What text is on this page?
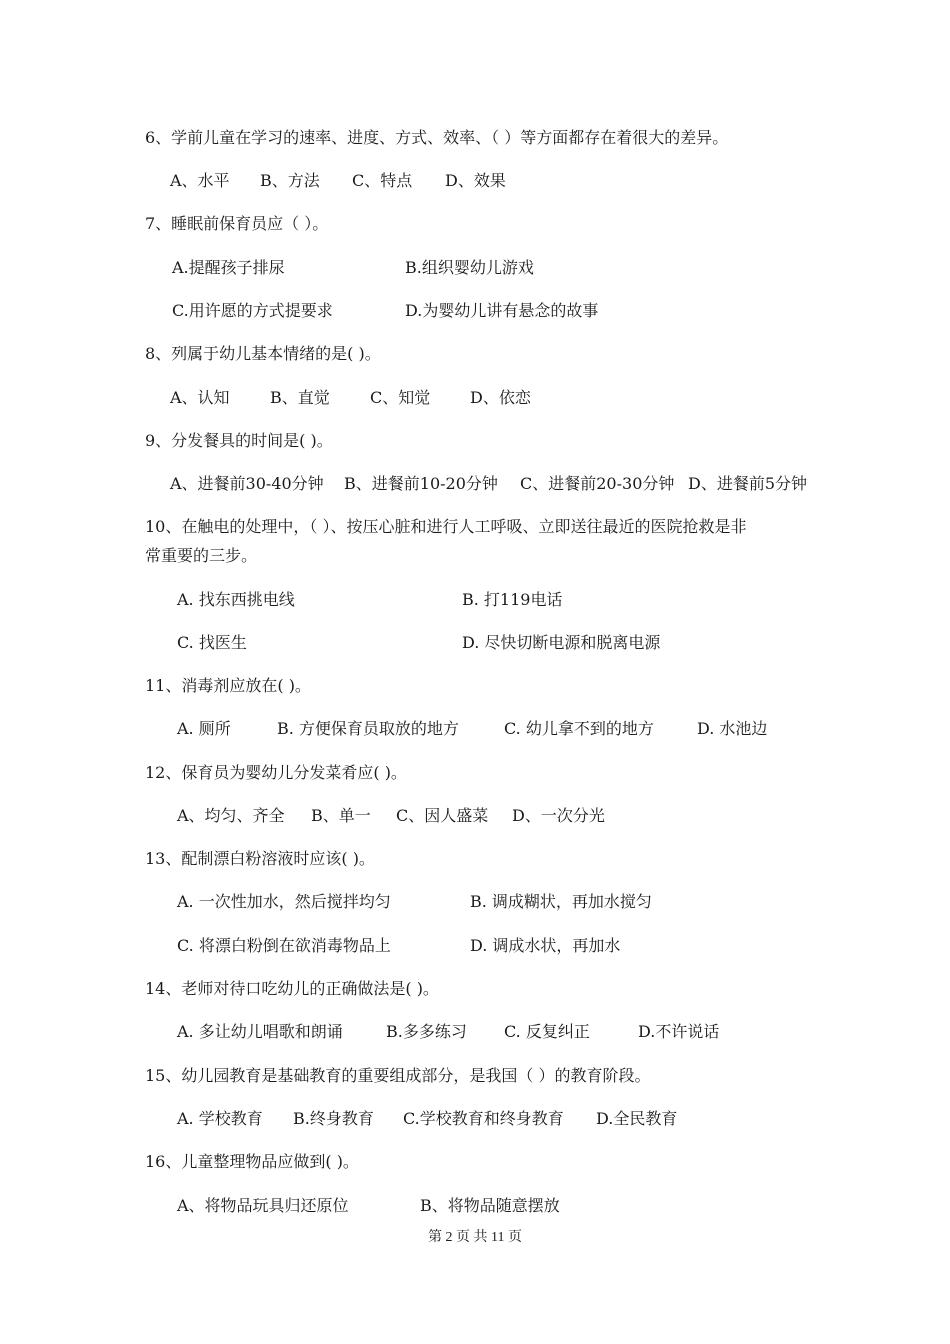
6、学前儿童在学习的速率、进度、方式、效率、（ ）等方面都存在着很大的差异。
A、水平 B、方法 C、特点 D、效果
7、睡眠前保育员应（ ）。
A.提醒孩子排尿	B.组织婴幼儿游戏
C.用许愿的方式提要求	D.为婴幼儿讲有悬念的故事
8、列属于幼儿基本情绪的是( )。
A、认知	B、直觉	C、知觉 D、依恋
9、分发餐具的时间是( )。
A、进餐前30-40分钟 B、进餐前10-20分钟 C、进餐前20-30分钟 D、进餐前5分钟
10、在触电的处理中，（ ）、按压心脏和进行人工呼吸、立即送往最近的医院抢救是非
常重要的三步。
A. 找东西挑电线	B. 打119电话
C. 找医生	D. 尽快切断电源和脱离电源
11、消毒剂应放在( )。
A. 厕所	B. 方便保育员取放的地方	C. 幼儿拿不到的地方	D. 水池边
12、保育员为婴幼儿分发菜肴应( )。
A、均匀、齐全 B、单一 C、因人盛菜 D、一次分光
13、配制漂白粉溶液时应该( )。
A. 一次性加水，然后搅拌均匀	B. 调成糊状，再加水搅匀
C. 将漂白粉倒在欲消毒物品上	D. 调成水状，再加水
14、老师对待口吃幼儿的正确做法是( )。
A. 多让幼儿唱歌和朗诵	B.多多练习 C. 反复纠正	D.不许说话
15、幼儿园教育是基础教育的重要组成部分，是我国（ ）的教育阶段。
A. 学校教育 B.终身教育 C.学校教育和终身教育 D.全民教育
16、儿童整理物品应做到( )。
A、将物品玩具归还原位	B、将物品随意摆放
第 2 页 共 11 页
